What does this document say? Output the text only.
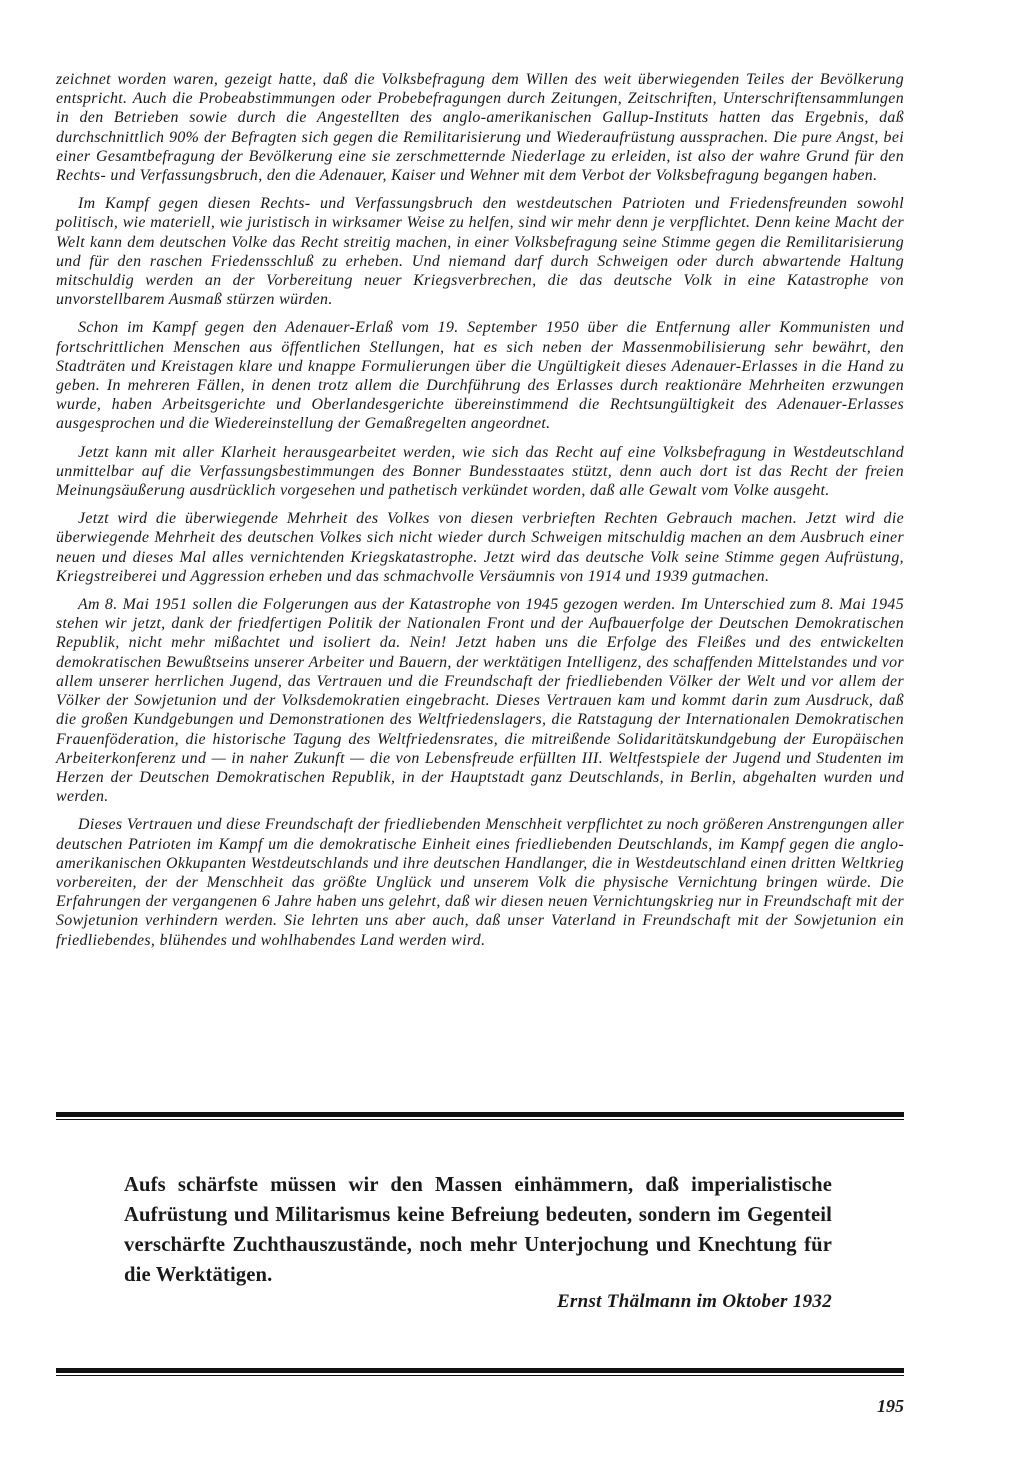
zeichnet worden waren, gezeigt hatte, daß die Volksbefragung dem Willen des weit überwiegenden Teiles der Bevölkerung entspricht. Auch die Probeabstimmungen oder Probebefragungen durch Zeitungen, Zeitschriften, Unterschriftensammlungen in den Betrieben sowie durch die Angestellten des anglo-amerikanischen Gallup-Instituts hatten das Ergebnis, daß durchschnittlich 90% der Befragten sich gegen die Remilitarisierung und Wiederaufrüstung aussprachen. Die pure Angst, bei einer Gesamtbefragung der Bevölkerung eine sie zerschmetternde Niederlage zu erleiden, ist also der wahre Grund für den Rechts- und Verfassungsbruch, den die Adenauer, Kaiser und Wehner mit dem Verbot der Volksbefragung begangen haben.

Im Kampf gegen diesen Rechts- und Verfassungsbruch den westdeutschen Patrioten und Friedensfreunden sowohl politisch, wie materiell, wie juristisch in wirksamer Weise zu helfen, sind wir mehr denn je verpflichtet. Denn keine Macht der Welt kann dem deutschen Volke das Recht streitig machen, in einer Volksbefragung seine Stimme gegen die Remilitarisierung und für den raschen Friedensschluß zu erheben. Und niemand darf durch Schweigen oder durch abwartende Haltung mitschuldig werden an der Vorbereitung neuer Kriegsverbrechen, die das deutsche Volk in eine Katastrophe von unvorstellbarem Ausmaß stürzen würden.

Schon im Kampf gegen den Adenauer-Erlaß vom 19. September 1950 über die Entfernung aller Kommunisten und fortschrittlichen Menschen aus öffentlichen Stellungen, hat es sich neben der Massenmobilisierung sehr bewährt, den Stadträten und Kreistagen klare und knappe Formulierungen über die Ungültigkeit dieses Adenauer-Erlasses in die Hand zu geben. In mehreren Fällen, in denen trotz allem die Durchführung des Erlasses durch reaktionäre Mehrheiten erzwungen wurde, haben Arbeitsgerichte und Oberlandesgerichte übereinstimmend die Rechtsungültigkeit des Adenauer-Erlasses ausgesprochen und die Wiedereinstellung der Gemaßregelten angeordnet.

Jetzt kann mit aller Klarheit herausgearbeitet werden, wie sich das Recht auf eine Volksbefragung in Westdeutschland unmittelbar auf die Verfassungsbestimmungen des Bonner Bundesstaates stützt, denn auch dort ist das Recht der freien Meinungsäußerung ausdrücklich vorgesehen und pathetisch verkündet worden, daß alle Gewalt vom Volke ausgeht.

Jetzt wird die überwiegende Mehrheit des Volkes von diesen verbrieften Rechten Gebrauch machen. Jetzt wird die überwiegende Mehrheit des deutschen Volkes sich nicht wieder durch Schweigen mitschuldig machen an dem Ausbruch einer neuen und dieses Mal alles vernichtenden Kriegskatastrophe. Jetzt wird das deutsche Volk seine Stimme gegen Aufrüstung, Kriegstreiberei und Aggression erheben und das schmachvolle Versäumnis von 1914 und 1939 gutmachen.

Am 8. Mai 1951 sollen die Folgerungen aus der Katastrophe von 1945 gezogen werden. Im Unterschied zum 8. Mai 1945 stehen wir jetzt, dank der friedfertigen Politik der Nationalen Front und der Aufbauerfolge der Deutschen Demokratischen Republik, nicht mehr mißachtet und isoliert da. Nein! Jetzt haben uns die Erfolge des Fleißes und des entwickelten demokratischen Bewußtseins unserer Arbeiter und Bauern, der werktätigen Intelligenz, des schaffenden Mittelstandes und vor allem unserer herrlichen Jugend, das Vertrauen und die Freundschaft der friedliebenden Völker der Welt und vor allem der Völker der Sowjetunion und der Volksdemokratien eingebracht. Dieses Vertrauen kam und kommt darin zum Ausdruck, daß die großen Kundgebungen und Demonstrationen des Weltfriedenslagers, die Ratstagung der Internationalen Demokratischen Frauenföderation, die historische Tagung des Weltfriedensrates, die mitreißende Solidaritätskundgebung der Europäischen Arbeiterkonferenz und — in naher Zukunft — die von Lebensfreude erfüllten III. Weltfestspiele der Jugend und Studenten im Herzen der Deutschen Demokratischen Republik, in der Hauptstadt ganz Deutschlands, in Berlin, abgehalten wurden und werden.

Dieses Vertrauen und diese Freundschaft der friedliebenden Menschheit verpflichtet zu noch größeren Anstrengungen aller deutschen Patrioten im Kampf um die demokratische Einheit eines friedliebenden Deutschlands, im Kampf gegen die anglo-amerikanischen Okkupanten Westdeutschlands und ihre deutschen Handlanger, die in Westdeutschland einen dritten Weltkrieg vorbereiten, der der Menschheit das größte Unglück und unserem Volk die physische Vernichtung bringen würde. Die Erfahrungen der vergangenen 6 Jahre haben uns gelehrt, daß wir diesen neuen Vernichtungskrieg nur in Freundschaft mit der Sowjetunion verhindern werden. Sie lehrten uns aber auch, daß unser Vaterland in Freundschaft mit der Sowjetunion ein friedliebendes, blühendes und wohlhabendes Land werden wird.

Aufs schärfste müssen wir den Massen einhämmern, daß imperialistische Aufrüstung und Militarismus keine Befreiung bedeuten, sondern im Gegenteil verschärfte Zuchthauszustände, noch mehr Unterjochung und Knechtung für die Werktätigen.
Ernst Thälmann im Oktober 1932
195
